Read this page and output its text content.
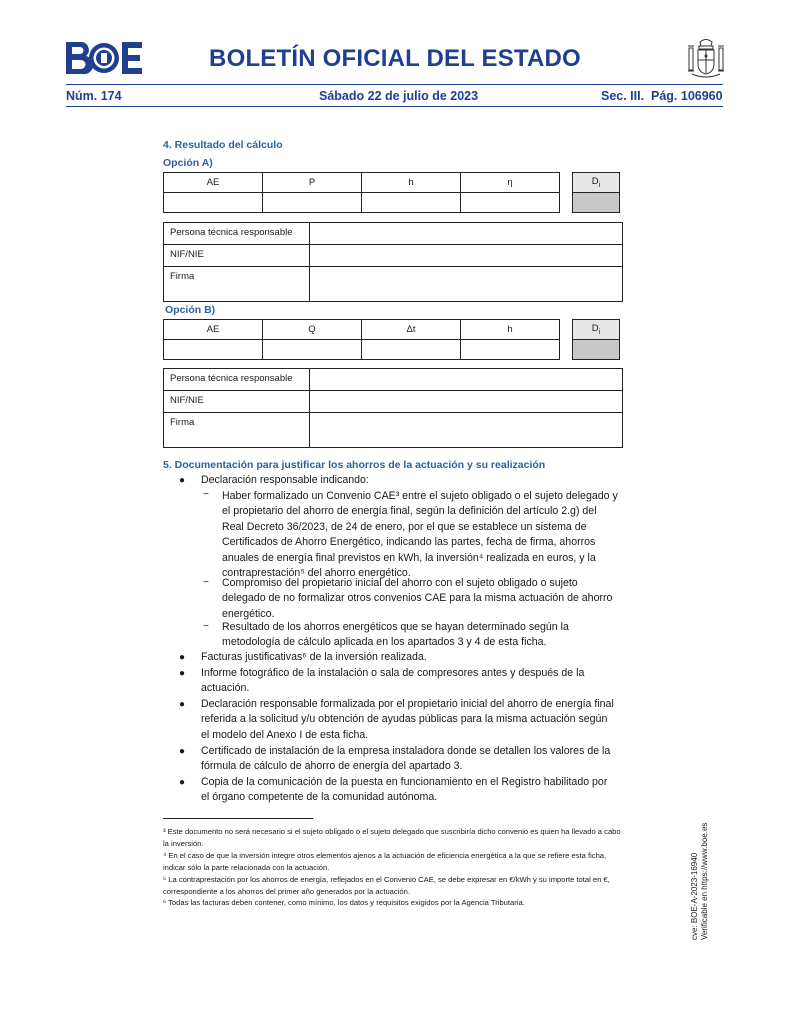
BOLETÍN OFICIAL DEL ESTADO
Núm. 174	Sábado 22 de julio de 2023	Sec. III. Pág. 106960
4. Resultado del cálculo
Opción A)
AE	P	h	η		$D_i$

Persona técnica responsable	
NIF/NIE	
Firma	
Opción B)
AE	Q	Δt	h		$D_i$

Persona técnica responsable	
NIF/NIE	
Firma	
5. Documentación para justificar los ahorros de la actuación y su realización
● Declaración responsable indicando:
− Haber formalizado un Convenio CAE³ entre el sujeto obligado o el sujeto delegado y
el propietario del ahorro de energía final, según la definición del artículo 2.g) del
Real Decreto 36/2023, de 24 de enero, por el que se establece un sistema de
Certificados de Ahorro Energético, indicando las partes, fecha de firma, ahorros
anuales de energía final previstos en kWh, la inversión⁴ realizada en euros, y la
contraprestación⁵ del ahorro energético.
− Compromiso del propietario inicial del ahorro con el sujeto obligado o sujeto
delegado de no formalizar otros convenios CAE para la misma actuación de ahorro
energético.
− Resultado de los ahorros energéticos que se hayan determinado según la
metodología de cálculo aplicada en los apartados 3 y 4 de esta ficha.
● Facturas justificativas⁶ de la inversión realizada.
● Informe fotográfico de la instalación o sala de compresores antes y después de la
actuación.
● Declaración responsable formalizada por el propietario inicial del ahorro de energía final
referida a la solicitud y/u obtención de ayudas públicas para la misma actuación según
el modelo del Anexo I de esta ficha.
● Certificado de instalación de la empresa instaladora donde se detallen los valores de la
fórmula de cálculo de ahorro de energía del apartado 3.
● Copia de la comunicación de la puesta en funcionamiento en el Registro habilitado por
el órgano competente de la comunidad autónoma.
³ Este documento no será necesario si el sujeto obligado o el sujeto delegado que suscribiría dicho convenio es quien ha llevado a cabo la inversión.
⁴ En el caso de que la inversión integre otros elementos ajenos a la actuación de eficiencia energética a la que se refiere esta ficha, indicar sólo la parte relacionada con la actuación.
⁵ La contraprestación por los ahorros de energía, reflejados en el Convenio CAE, se debe expresar en €/kWh y su importe total en €, correspondiente a los ahorros del primer año generados por la actuación.
⁶ Todas las facturas deben contener, como mínimo, los datos y requisitos exigidos por la Agencia Tributaria.	cve: BOE-A-2023-16940 Verificable en https://www.boe.es
